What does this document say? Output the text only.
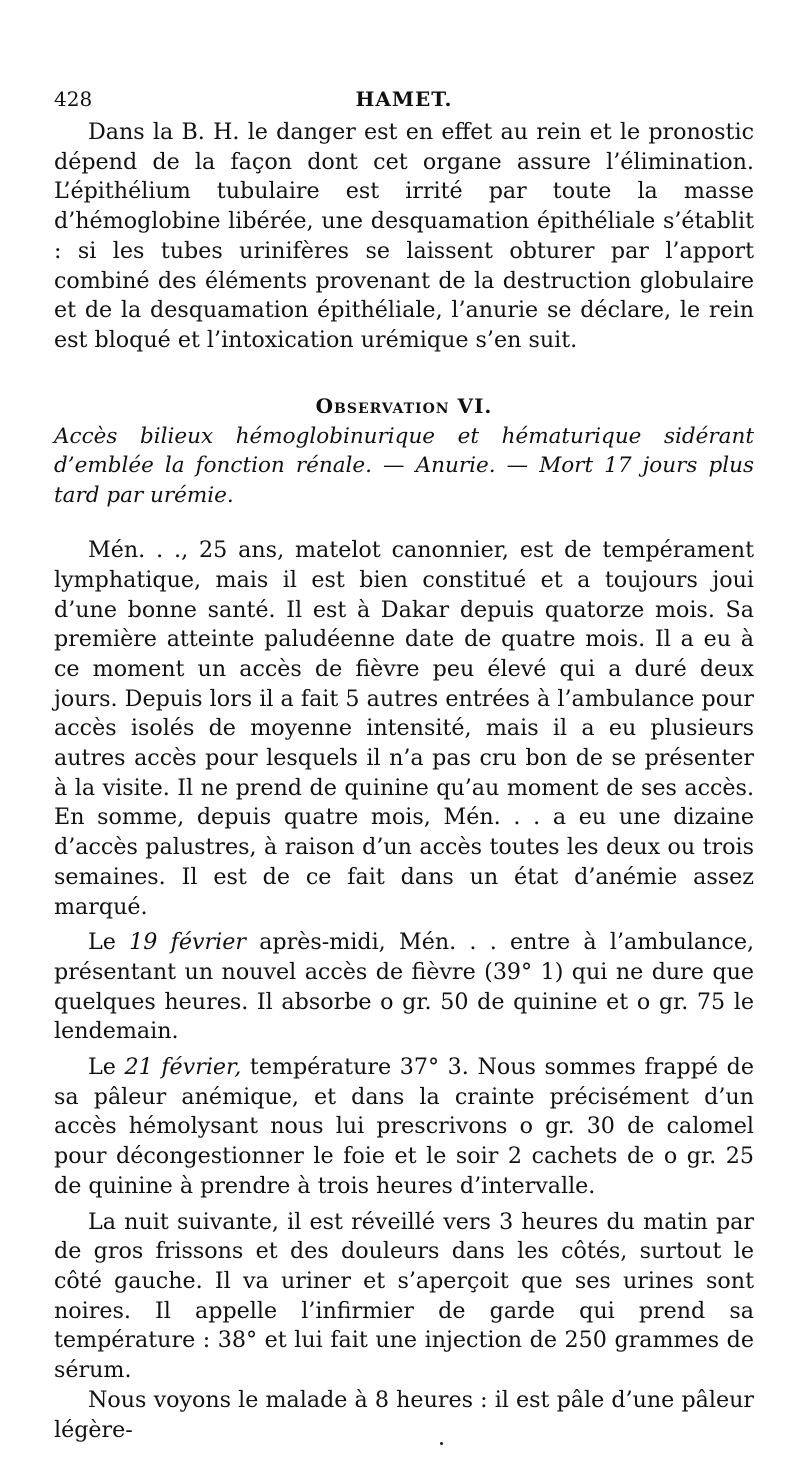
428	HAMET.

Dans la B. H. le danger est en effet au rein et le pronostic dépend de la façon dont cet organe assure l’élimination. L’épithélium tubulaire est irrité par toute la masse d’hémoglobine libérée, une desquamation épithéliale s’établit : si les tubes urinifères se laissent obturer par l’apport combiné des éléments provenant de la destruction globulaire et de la desquamation épithéliale, l’anurie se déclare, le rein est bloqué et l’intoxication urémique s’en suit.

Observation VI.

Accès bilieux hémoglobinurique et hématurique sidérant d’emblée la fonction rénale. — Anurie. — Mort 17 jours plus tard par urémie.

Mén. . ., 25 ans, matelot canonnier, est de tempérament lymphatique, mais il est bien constitué et a toujours joui d’une bonne santé. Il est à Dakar depuis quatorze mois. Sa première atteinte paludéenne date de quatre mois. Il a eu à ce moment un accès de fièvre peu élevé qui a duré deux jours. Depuis lors il a fait 5 autres entrées à l’ambulance pour accès isolés de moyenne intensité, mais il a eu plusieurs autres accès pour lesquels il n’a pas cru bon de se présenter à la visite. Il ne prend de quinine qu’au moment de ses accès. En somme, depuis quatre mois, Mén. . . a eu une dizaine d’accès palustres, à raison d’un accès toutes les deux ou trois semaines. Il est de ce fait dans un état d’anémie assez marqué.

Le 19 février après-midi, Mén. . . entre à l’ambulance, présentant un nouvel accès de fièvre (39° 1) qui ne dure que quelques heures. Il absorbe o gr. 50 de quinine et o gr. 75 le lendemain.

Le 21 février, température 37° 3. Nous sommes frappé de sa pâleur anémique, et dans la crainte précisément d’un accès hémolysant nous lui prescrivons o gr. 30 de calomel pour décongestionner le foie et le soir 2 cachets de o gr. 25 de quinine à prendre à trois heures d’intervalle.

La nuit suivante, il est réveillé vers 3 heures du matin par de gros frissons et des douleurs dans les côtés, surtout le côté gauche. Il va uriner et s’aperçoit que ses urines sont noires. Il appelle l’infirmier de garde qui prend sa température : 38° et lui fait une injection de 250 grammes de sérum.

Nous voyons le malade à 8 heures : il est pâle d’une pâleur légère-
